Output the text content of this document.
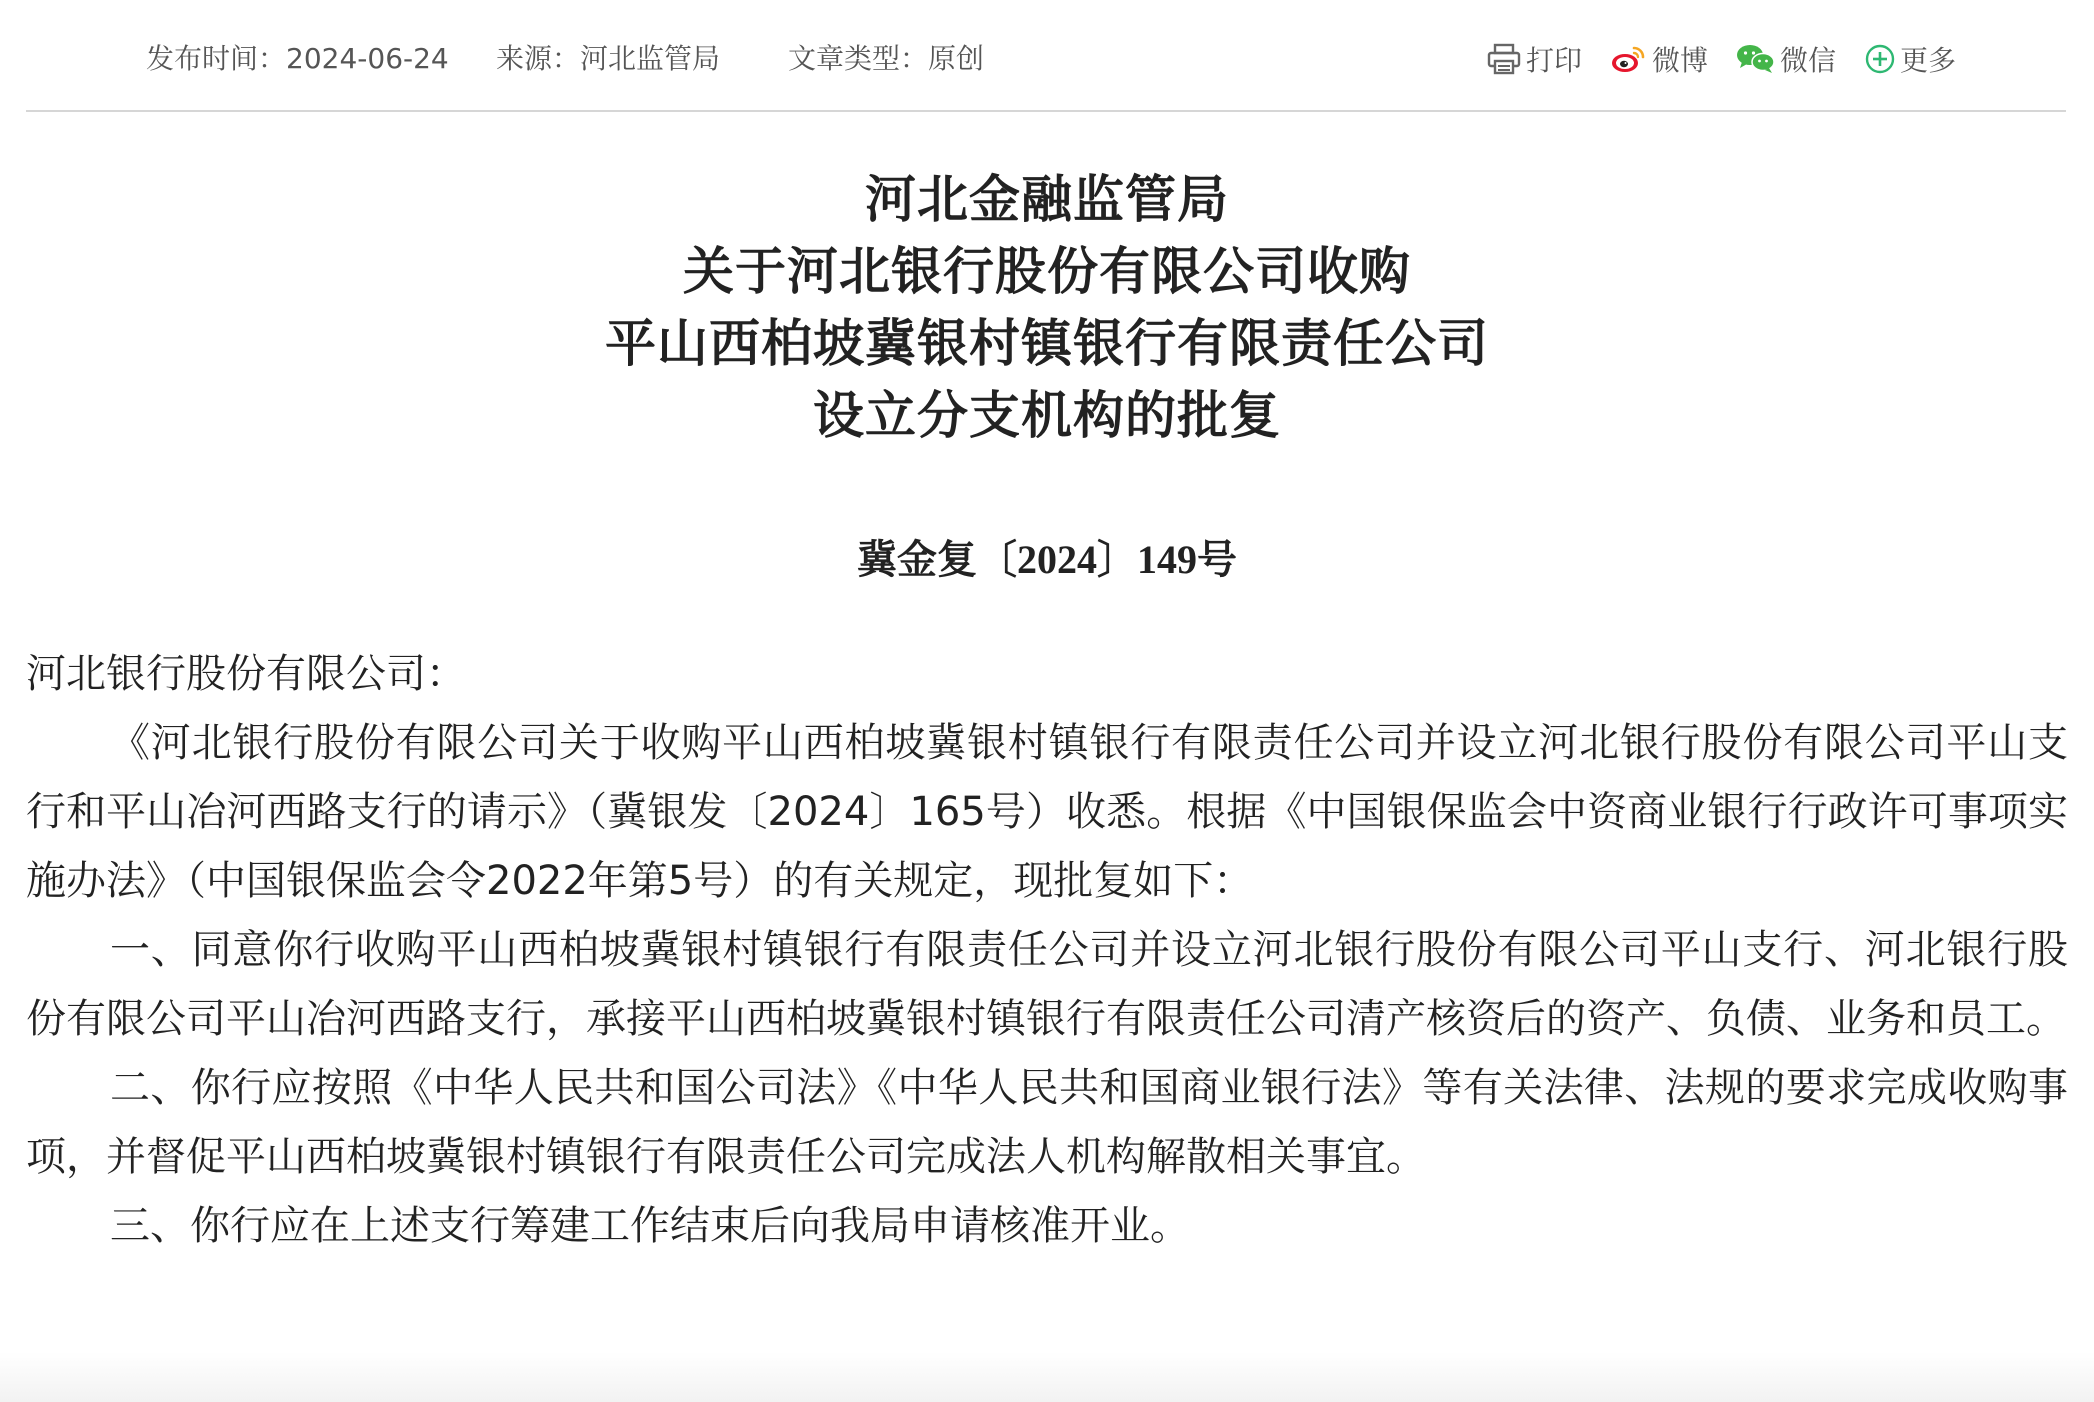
发布时间：2024-06-24 来源：河北监管局 文章类型：原创	打印	微博	微信 更多
河北金融监管局
关于河北银行股份有限公司收购
平山西柏坡冀银村镇银行有限责任公司
设立分支机构的批复
冀金复〔2024〕149号

河北银行股份有限公司：

《河北银行股份有限公司关于收购平山西柏坡冀银村镇银行有限责任公司并设立河北银行股份有限公司平山支行和平山冶河西路支行的请示》（冀银发〔2024〕165号）收悉。根据《中国银保监会中资商业银行行政许可事项实施办法》（中国银保监会令2022年第5号）的有关规定，现批复如下：

一、同意你行收购平山西柏坡冀银村镇银行有限责任公司并设立河北银行股份有限公司平山支行、河北银行股份有限公司平山冶河西路支行，承接平山西柏坡冀银村镇银行有限责任公司清产核资后的资产、负债、业务和员工。

二、你行应按照《中华人民共和国公司法》《中华人民共和国商业银行法》等有关法律、法规的要求完成收购事项，并督促平山西柏坡冀银村镇银行有限责任公司完成法人机构解散相关事宜。

三、你行应在上述支行筹建工作结束后向我局申请核准开业。
